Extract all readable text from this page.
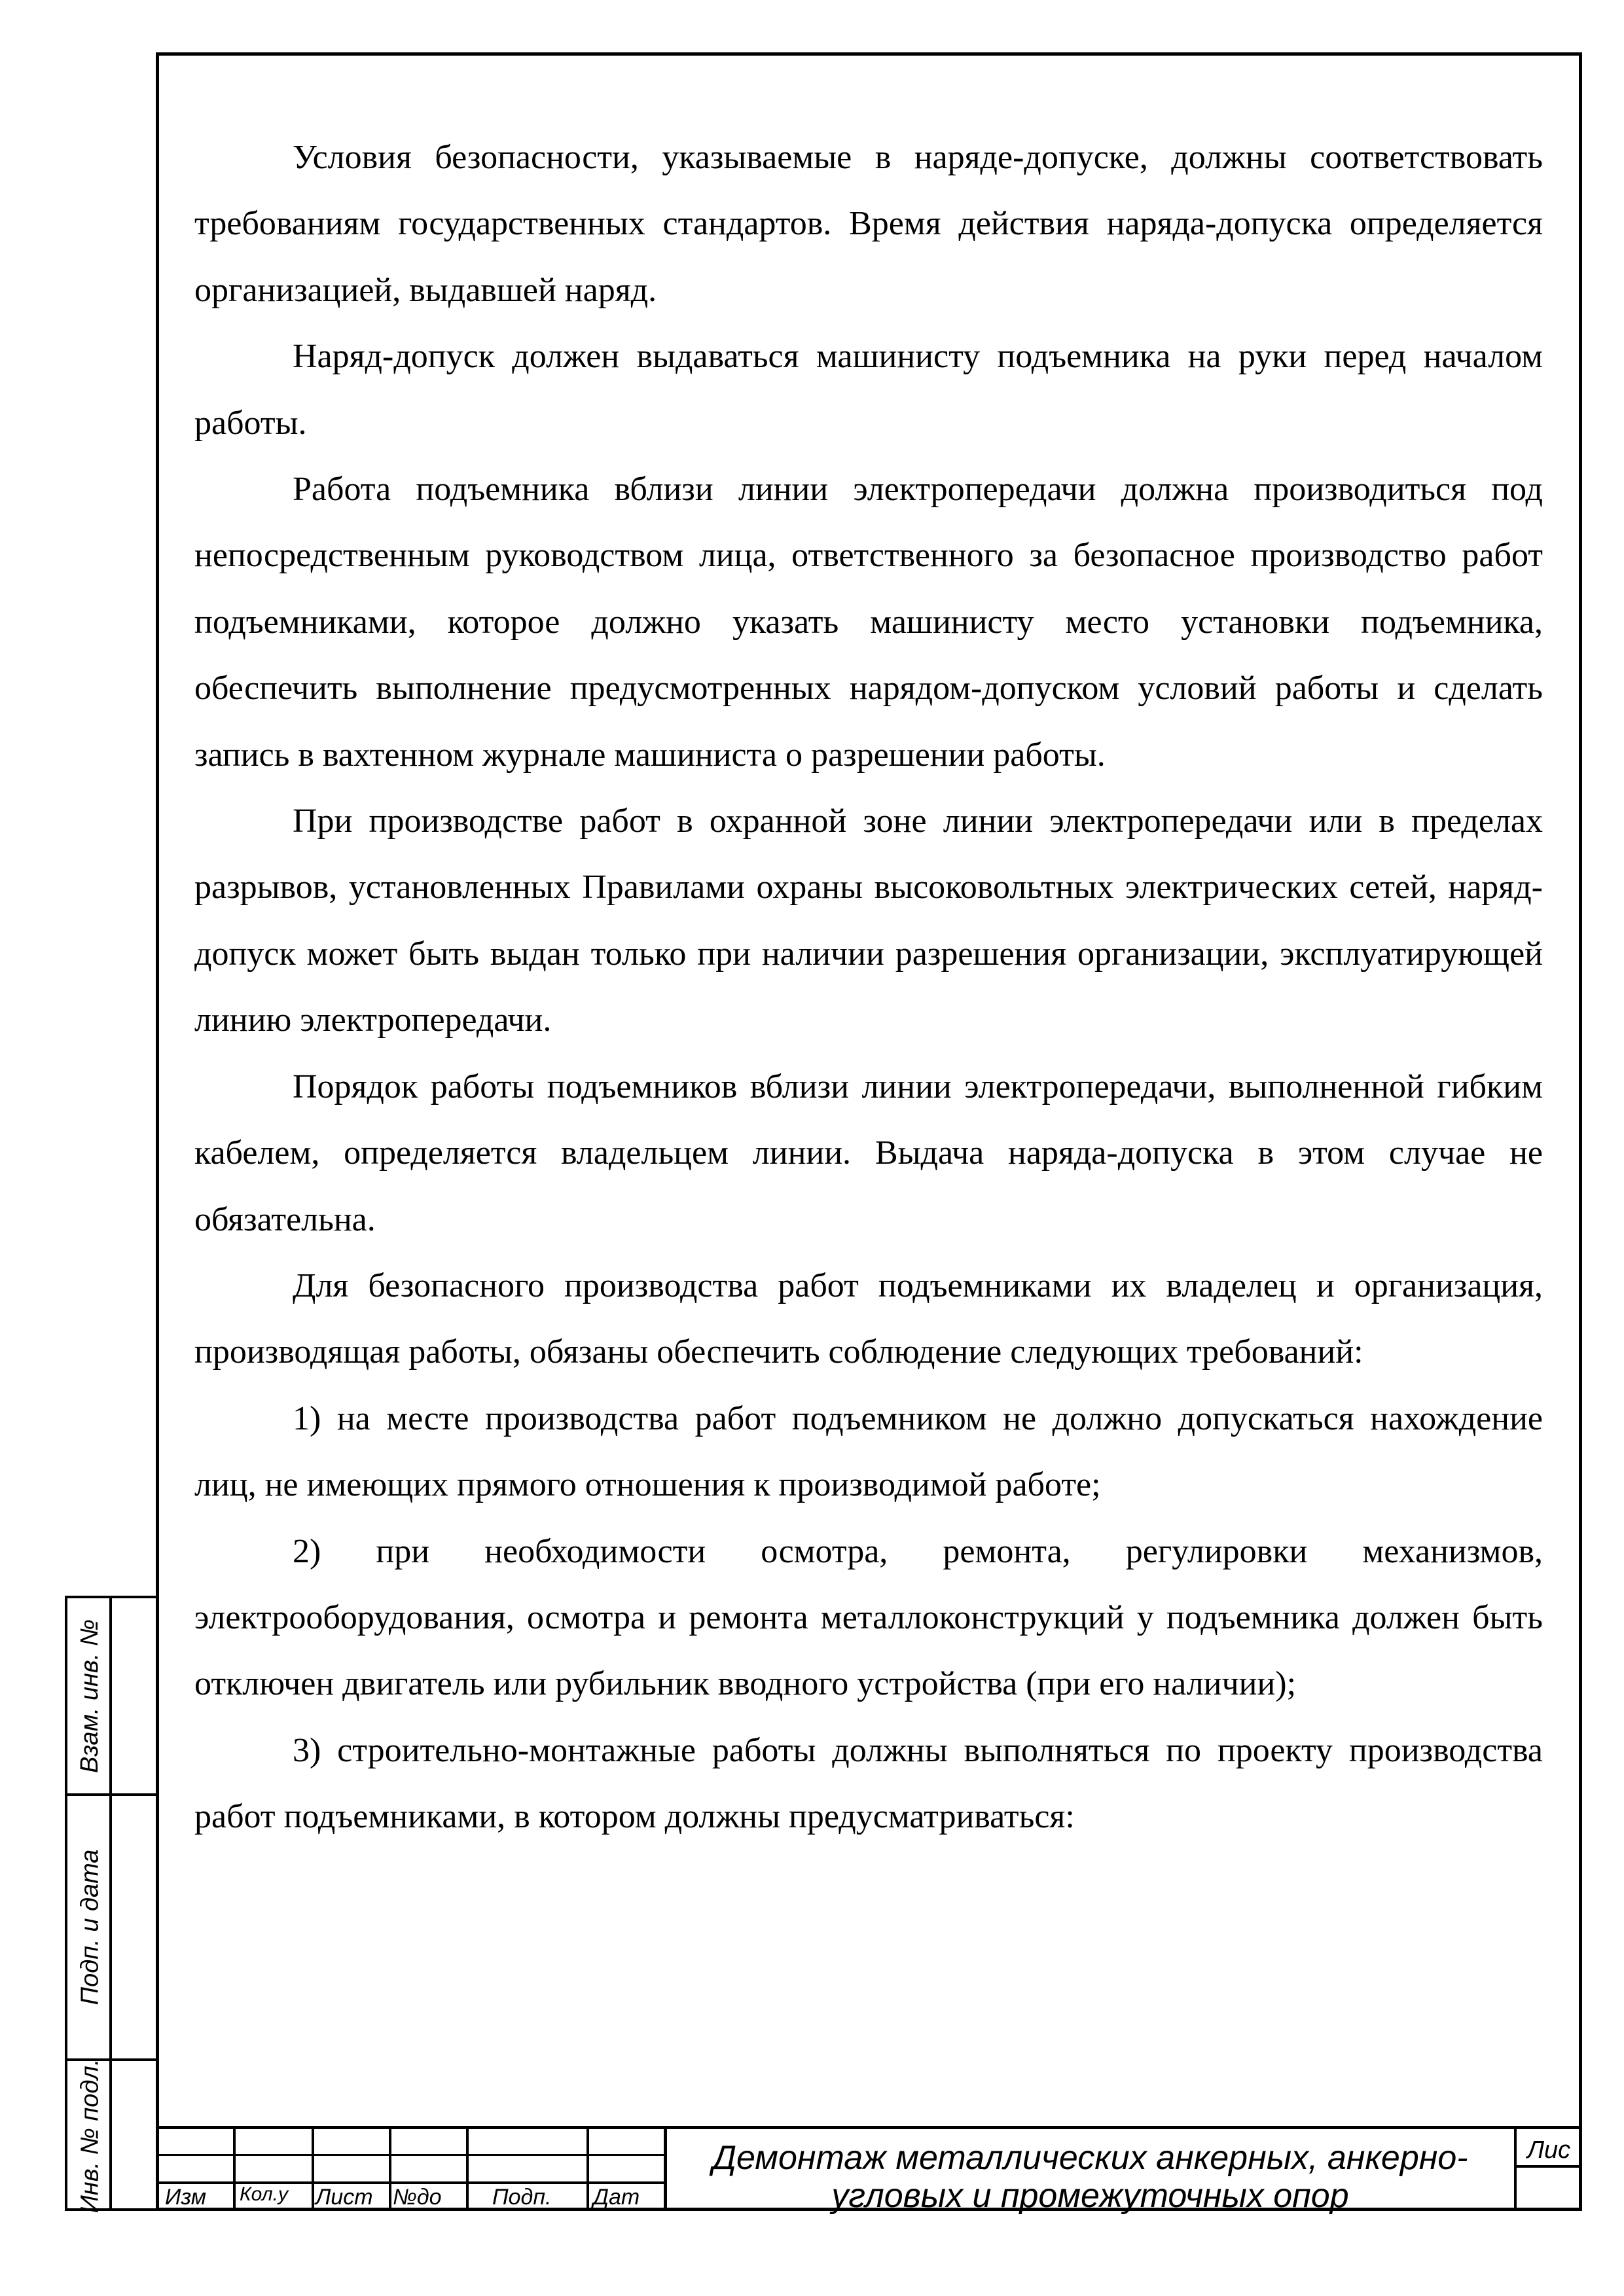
Условия безопасности, указываемые в наряде-допуске, должны соответствовать требованиям государственных стандартов. Время действия наряда-допуска определяется организацией, выдавшей наряд.

Наряд-допуск должен выдаваться машинисту подъемника на руки перед началом работы.

Работа подъемника вблизи линии электропередачи должна производиться под непосредственным руководством лица, ответственного за безопасное производство работ подъемниками, которое должно указать машинисту место установки подъемника, обеспечить выполнение предусмотренных нарядом-допуском условий работы и сделать запись в вахтенном журнале машиниста о разрешении работы.

При производстве работ в охранной зоне линии электропередачи или в пределах разрывов, установленных Правилами охраны высоковольтных электрических сетей, наряд-допуск может быть выдан только при наличии разрешения организации, эксплуатирующей линию электропередачи.

Порядок работы подъемников вблизи линии электропередачи, выполненной гибким кабелем, определяется владельцем линии. Выдача наряда-допуска в этом случае не обязательна.

Для безопасного производства работ подъемниками их владелец и организация, производящая работы, обязаны обеспечить соблюдение следующих требований:

1) на месте производства работ подъемником не должно допускаться нахождение лиц, не имеющих прямого отношения к производимой работе;

2) при необходимости осмотра, ремонта, регулировки механизмов, электрооборудования, осмотра и ремонта металлоконструкций у подъемника должен быть отключен двигатель или рубильник вводного устройства (при его наличии);

3) строительно-монтажные работы должны выполняться по проекту производства работ подъемниками, в котором должны предусматриваться:

Взам. инв. №
Подп. и дата
Инв. № подл.	Изм Кол.у Лист №до Подп. Дат
Демонтаж металлических анкерных, анкерно-
угловых и промежуточных опор
Лис
